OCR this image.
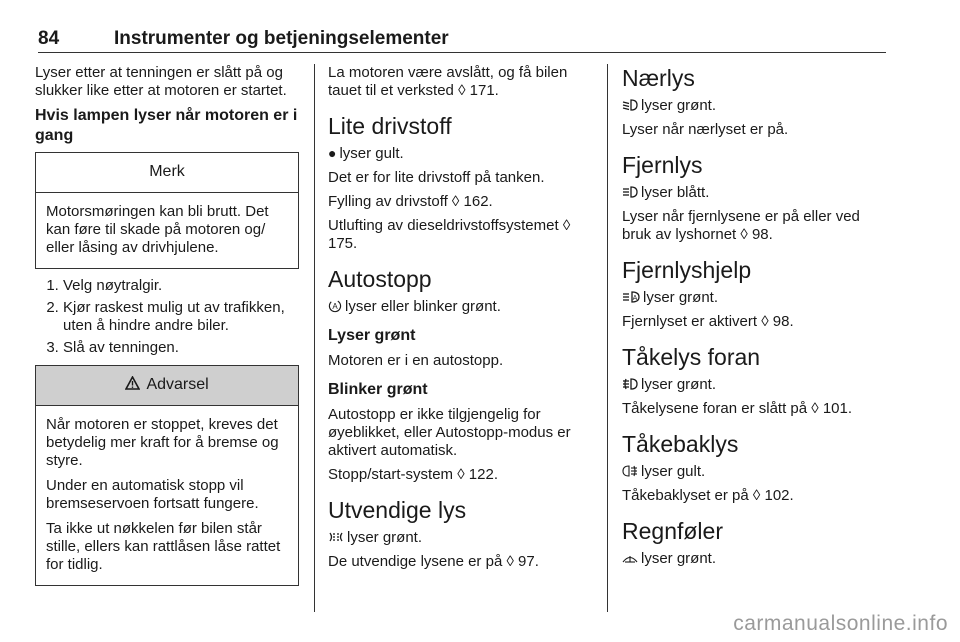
84	Instrumenter og betjeningselementer

Lyser etter at tenningen er slått på og slukker like etter at motoren er startet.

Hvis lampen lyser når motoren er i gang
Merk

Motorsmøringen kan bli brutt. Det kan føre til skade på motoren og/ eller låsing av drivhjulene.

1. Velg nøytralgir.
2. Kjør raskest mulig ut av trafikken, uten å hindre andre biler.
3. Slå av tenningen.
Advarsel

Når motoren er stoppet, kreves det betydelig mer kraft for å bremse og styre.

Under en automatisk stopp vil bremseservoen fortsatt fungere.

Ta ikke ut nøkkelen før bilen står stille, ellers kan rattlåsen låse rattet for tidlig.

La motoren være avslått, og få bilen tauet til et verksted ◊ 171.

Lite drivstoff

● lyser gult.

Det er for lite drivstoff på tanken.

Fylling av drivstoff ◊ 162.

Utlufting av dieseldrivstoffsystemet ◊ 175.

Autostopp

A lyser eller blinker grønt.

Lyser grønt

Motoren er i en autostopp.

Blinker grønt

Autostopp er ikke tilgjengelig for øyeblikket, eller Autostopp-modus er aktivert automatisk.

Stopp/start-system ◊ 122.

Utvendige lys

lyser grønt.

De utvendige lysene er på ◊ 97.

Nærlys

lyser grønt.

Lyser når nærlyset er på.

Fjernlys

lyser blått.

Lyser når fjernlysene er på eller ved bruk av lyshornet ◊ 98.

Fjernlyshjelp

A lyser grønt.

Fjernlyset er aktivert ◊ 98.

Tåkelys foran

lyser grønt.

Tåkelysene foran er slått på ◊ 101.

Tåkebaklys

lyser gult.

Tåkebaklyset er på ◊ 102.

Regnføler

lyser grønt.

carmanualsonline.info
